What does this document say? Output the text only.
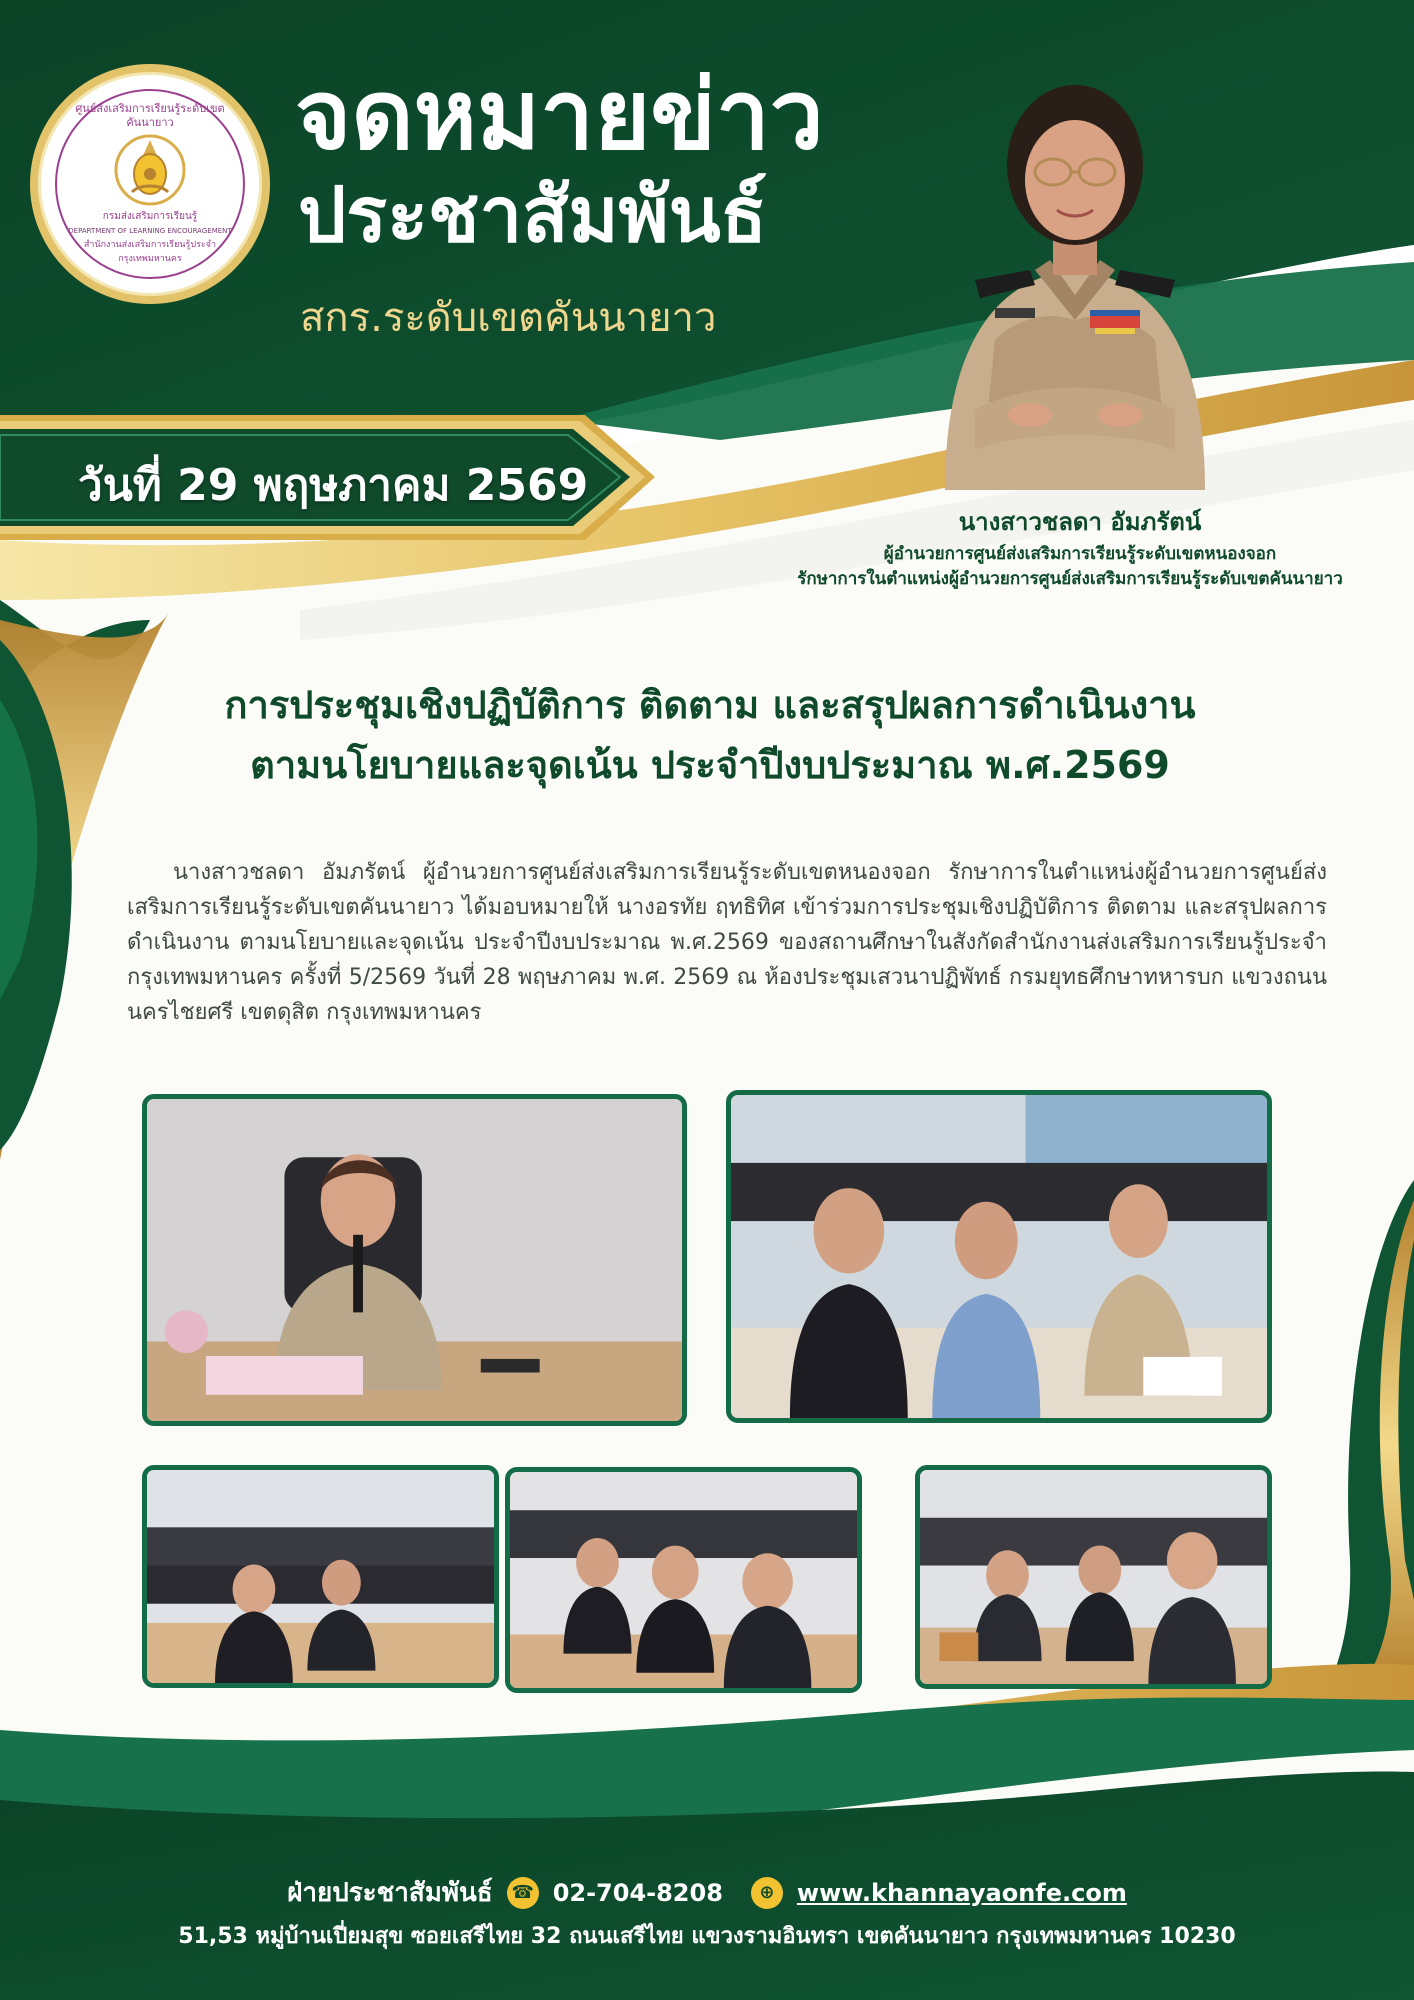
ศูนย์ส่งเสริมการเรียนรู้ระดับเขตคันนายาว
กรมส่งเสริมการเรียนรู้
DEPARTMENT OF LEARNING ENCOURAGEMENT
สำนักงานส่งเสริมการเรียนรู้ประจำกรุงเทพมหานคร
จดหมายข่าว
ประชาสัมพันธ์
สกร.ระดับเขตคันนายาว
วันที่ 29 พฤษภาคม 2569
นางสาวชลดา อัมภรัตน์
ผู้อำนวยการศูนย์ส่งเสริมการเรียนรู้ระดับเขตหนองจอก
รักษาการในตำแหน่งผู้อำนวยการศูนย์ส่งเสริมการเรียนรู้ระดับเขตคันนายาว
การประชุมเชิงปฏิบัติการ ติดตาม และสรุปผลการดำเนินงาน
ตามนโยบายและจุดเน้น ประจำปีงบประมาณ พ.ศ.2569
นางสาวชลดา อัมภรัตน์ ผู้อำนวยการศูนย์ส่งเสริมการเรียนรู้ระดับเขตหนองจอก รักษาการในตำแหน่งผู้อำนวยการศูนย์ส่งเสริมการเรียนรู้ระดับเขตคันนายาว ได้มอบหมายให้ นางอรทัย ฤทธิทิศ เข้าร่วมการประชุมเชิงปฏิบัติการ ติดตาม และสรุปผลการดำเนินงาน ตามนโยบายและจุดเน้น ประจำปีงบประมาณ พ.ศ.2569 ของสถานศึกษาในสังกัดสำนักงานส่งเสริมการเรียนรู้ประจำกรุงเทพมหานคร ครั้งที่ 5/2569 วันที่ 28 พฤษภาคม พ.ศ. 2569 ณ ห้องประชุมเสวนาปฏิพัทธ์ กรมยุทธศึกษาทหารบก แขวงถนนนครไชยศรี เขตดุสิต กรุงเทพมหานคร
ฝ่ายประชาสัมพันธ์ ☎ 02-704-8208	⊕ www.khannayaonfe.com
51,53 หมู่บ้านเปี่ยมสุข ซอยเสรีไทย 32 ถนนเสรีไทย แขวงรามอินทรา เขตคันนายาว กรุงเทพมหานคร 10230
